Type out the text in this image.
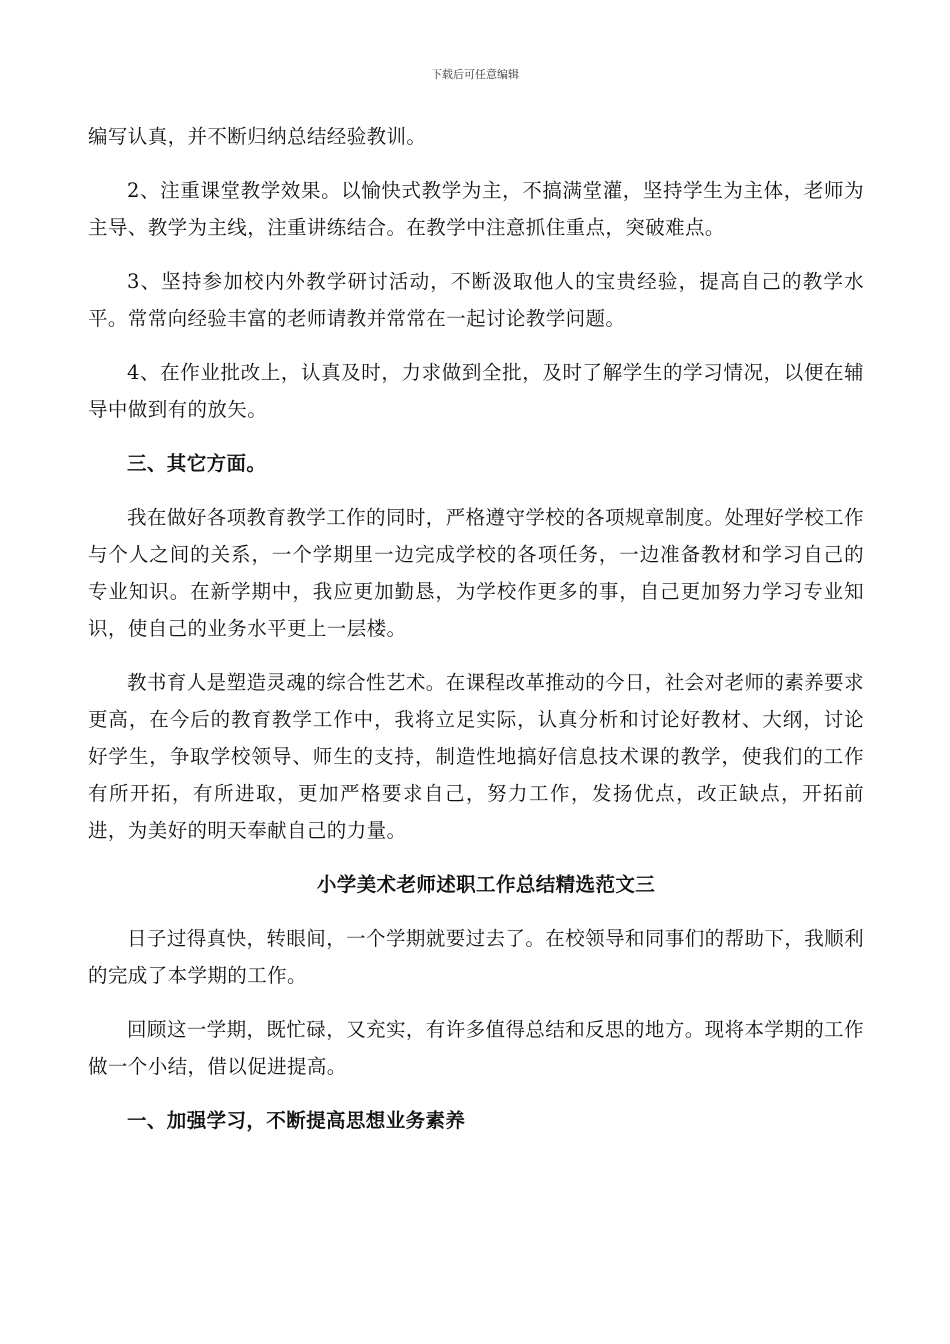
下载后可任意编辑

编写认真，并不断归纳总结经验教训。

2、注重课堂教学效果。以愉快式教学为主，不搞满堂灌，坚持学生为主体，老师为主导、教学为主线，注重讲练结合。在教学中注意抓住重点，突破难点。

3、坚持参加校内外教学研讨活动，不断汲取他人的宝贵经验，提高自己的教学水平。常常向经验丰富的老师请教并常常在一起讨论教学问题。

4、在作业批改上，认真及时，力求做到全批，及时了解学生的学习情况，以便在辅导中做到有的放矢。

三、其它方面。

我在做好各项教育教学工作的同时，严格遵守学校的各项规章制度。处理好学校工作与个人之间的关系，一个学期里一边完成学校的各项任务，一边准备教材和学习自己的专业知识。在新学期中，我应更加勤恳，为学校作更多的事，自己更加努力学习专业知识，使自己的业务水平更上一层楼。

教书育人是塑造灵魂的综合性艺术。在课程改革推动的今日，社会对老师的素养要求更高，在今后的教育教学工作中，我将立足实际，认真分析和讨论好教材、大纲，讨论好学生，争取学校领导、师生的支持，制造性地搞好信息技术课的教学，使我们的工作有所开拓，有所进取，更加严格要求自己，努力工作，发扬优点，改正缺点，开拓前进，为美好的明天奉献自己的力量。

小学美术老师述职工作总结精选范文三

日子过得真快，转眼间，一个学期就要过去了。在校领导和同事们的帮助下，我顺利的完成了本学期的工作。

回顾这一学期，既忙碌，又充实，有许多值得总结和反思的地方。现将本学期的工作做一个小结，借以促进提高。

一、加强学习，不断提高思想业务素养
